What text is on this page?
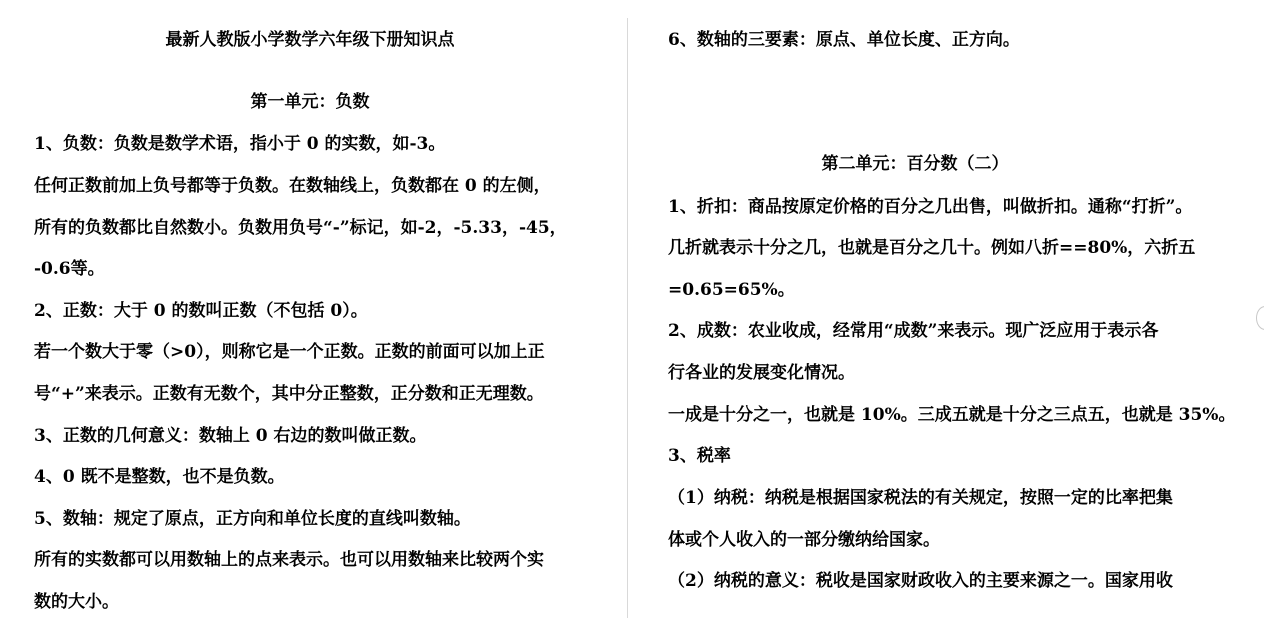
最新人教版小学数学六年级下册知识点
第一单元：负数
1、负数：负数是数学术语，指小于 0 的实数，如-3。
任何正数前加上负号都等于负数。在数轴线上，负数都在 0 的左侧，
所有的负数都比自然数小。负数用负号“-”标记，如-2，-5.33，-45，
-0.6等。
2、正数：大于 0 的数叫正数（不包括 0）。
若一个数大于零（>0），则称它是一个正数。正数的前面可以加上正
号“+”来表示。正数有无数个，其中分正整数，正分数和正无理数。
3、正数的几何意义：数轴上 0 右边的数叫做正数。
4、0 既不是整数，也不是负数。
5、数轴：规定了原点，正方向和单位长度的直线叫数轴。
所有的实数都可以用数轴上的点来表示。也可以用数轴来比较两个实
数的大小。
6、数轴的三要素：原点、单位长度、正方向。
第二单元：百分数（二）
1、折扣：商品按原定价格的百分之几出售，叫做折扣。通称“打折”。
几折就表示十分之几，也就是百分之几十。例如八折==80%，六折五
=0.65=65%。
2、成数：农业收成，经常用“成数”来表示。现广泛应用于表示各
行各业的发展变化情况。
一成是十分之一，也就是 10%。三成五就是十分之三点五，也就是 35%。
3、税率
（1）纳税：纳税是根据国家税法的有关规定，按照一定的比率把集
体或个人收入的一部分缴纳给国家。
（2）纳税的意义：税收是国家财政收入的主要来源之一。国家用收
